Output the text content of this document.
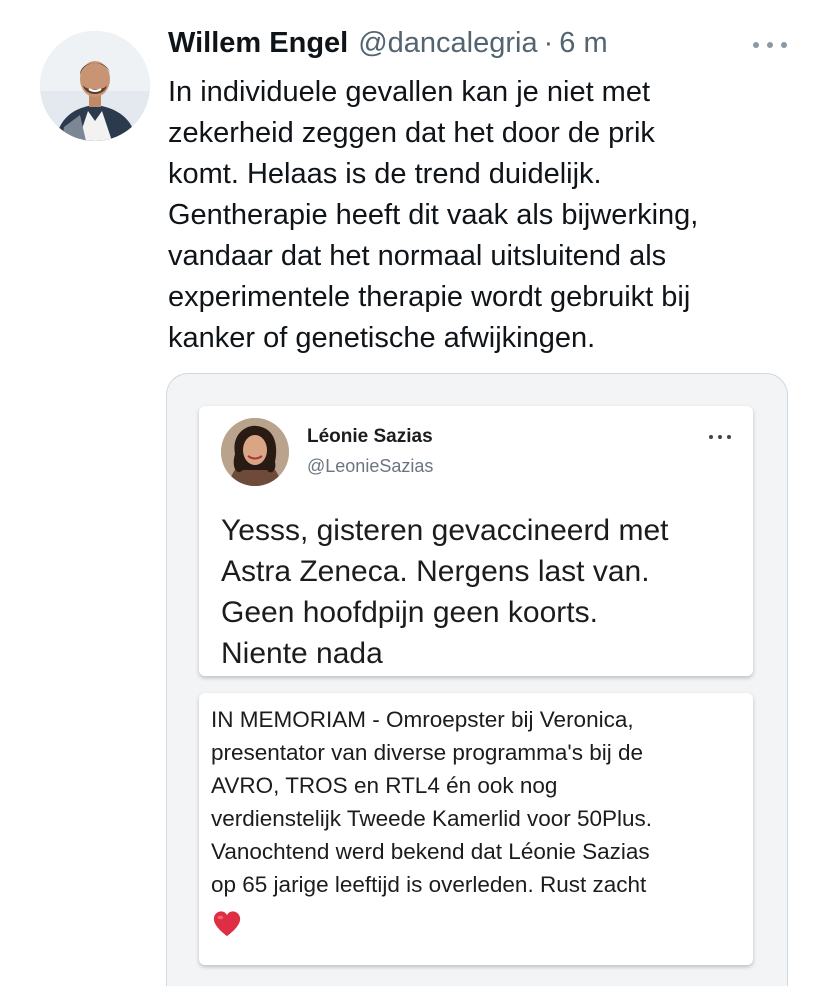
Willem Engel @dancalegria · 6 m
In individuele gevallen kan je niet met
zekerheid zeggen dat het door de prik
komt. Helaas is de trend duidelijk.
Gentherapie heeft dit vaak als bijwerking,
vandaar dat het normaal uitsluitend als
experimentele therapie wordt gebruikt bij
kanker of genetische afwijkingen.
Léonie Sazias
@LeonieSazias
Yesss, gisteren gevaccineerd met
Astra Zeneca. Nergens last van.
Geen hoofdpijn geen koorts.
Niente nada
IN MEMORIAM - Omroepster bij Veronica,
presentator van diverse programma's bij de
AVRO, TROS en RTL4 én ook nog
verdienstelijk Tweede Kamerlid voor 50Plus.
Vanochtend werd bekend dat Léonie Sazias
op 65 jarige leeftijd is overleden. Rust zacht
